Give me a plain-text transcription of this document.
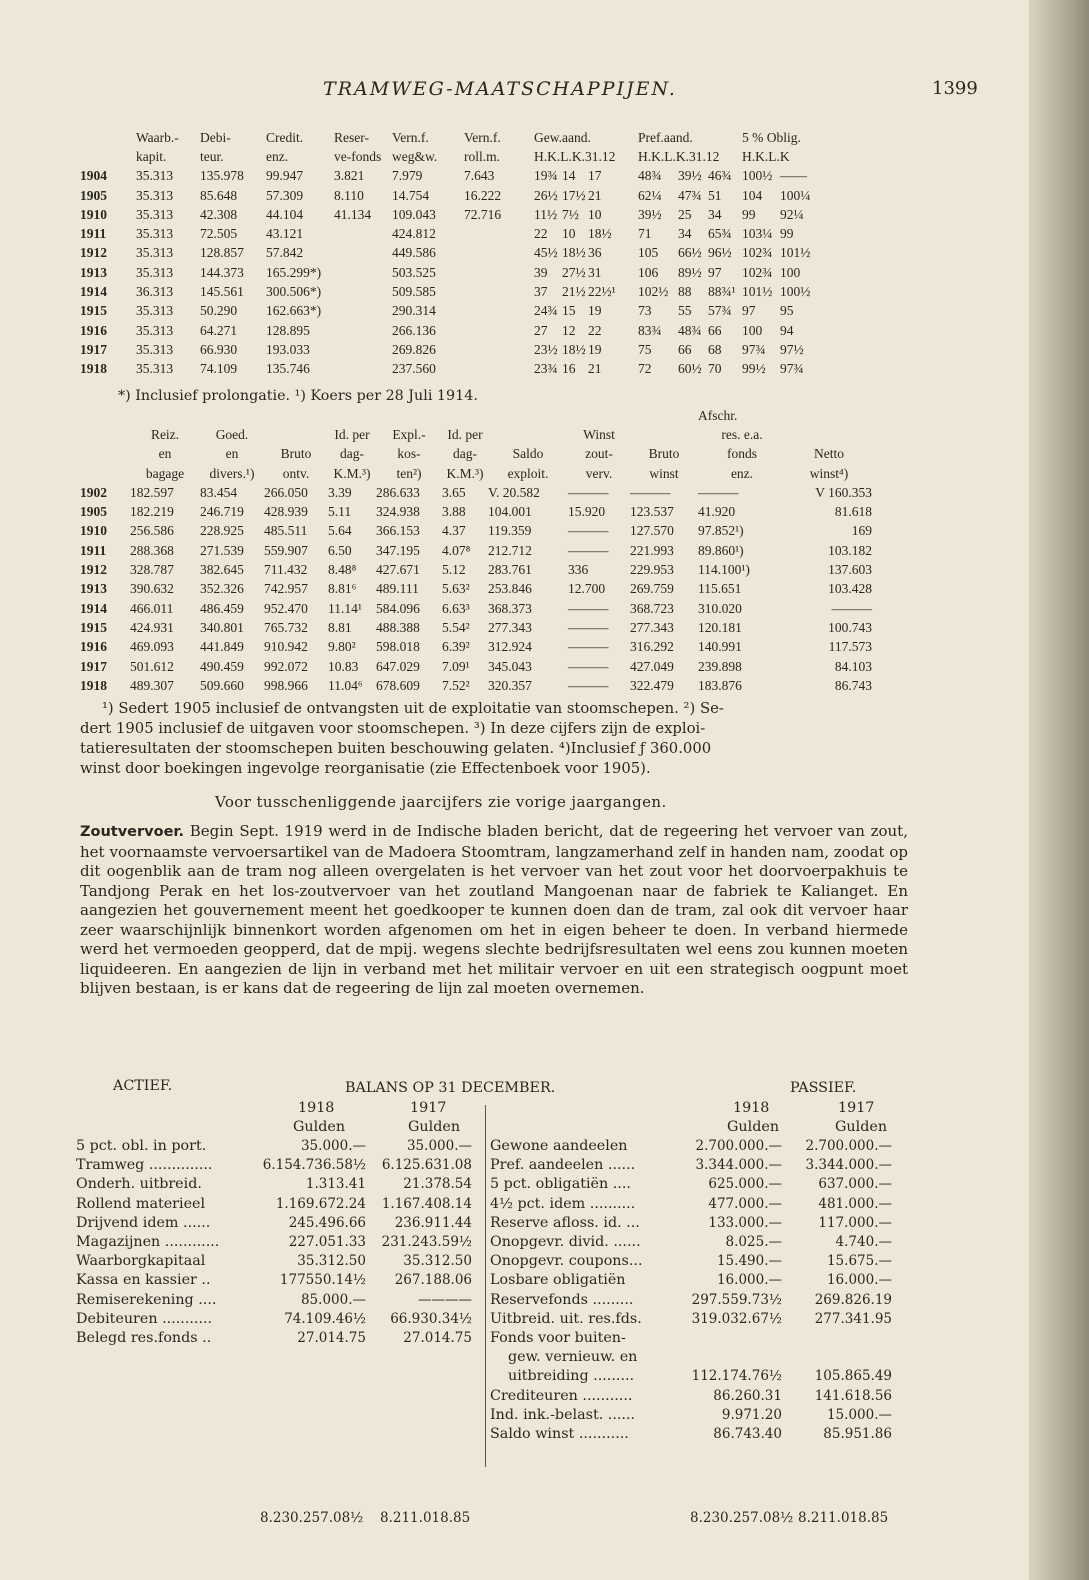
TRAMWEG-MAATSCHAPPIJEN.	1399
	Waarb.-	Debi-	Credit.	Reser-	Vern.f.	Vern.f.	Gew.aand.			Pref.aand.			5 % Oblig.	
	kapit.	teur.	enz.	ve-fonds	weg&w.	roll.m.	H.K.L.K.31.12			H.K.L.K.31.12			H.K.L.K	
1904	35.313	135.978	99.947	3.821	7.979	7.643	19¾	14	17	48¾	39½	46¾	100½	——
1905	35.313	85.648	57.309	8.110	14.754	16.222	26½	17½	21	62¼	47¾	51	104	100¼
1910	35.313	42.308	44.104	41.134	109.043	72.716	11½	7½	10	39½	25	34	99	92¼
1911	35.313	72.505	43.121		424.812		22	10	18½	71	34	65¾	103¼	99
1912	35.313	128.857	57.842		449.586		45½	18½	36	105	66½	96½	102¾	101½
1913	35.313	144.373	165.299*)		503.525		39	27½	31	106	89½	97	102¾	100
1914	36.313	145.561	300.506*)		509.585		37	21½	22½¹	102½	88	88¾¹	101½	100½
1915	35.313	50.290	162.663*)		290.314		24¾	15	19	73	55	57¾	97	95
1916	35.313	64.271	128.895		266.136		27	12	22	83¾	48¾	66	100	94
1917	35.313	66.930	193.033		269.826		23½	18½	19	75	66	68	97¾	97½
1918	35.313	74.109	135.746		237.560		23¾	16	21	72	60½	70	99½	97¾
*) Inclusief prolongatie. ¹) Koers per 28 Juli 1914.
										Afschr.	
	Reiz.	Goed.		Id. per	Expl.-	Id. per		Winst		res. e.a.	
	en	en	Bruto	dag-	kos-	dag-	Saldo	zout-	Bruto	fonds	Netto
	bagage	divers.¹)	ontv.	K.M.³)	ten²)	K.M.³)	exploit.	verv.	winst	enz.	winst⁴)
1902	182.597	83.454	266.050	3.39	286.633	3.65	V. 20.582	———	———	———	V 160.353
1905	182.219	246.719	428.939	5.11	324.938	3.88	104.001	15.920	123.537	41.920	81.618
1910	256.586	228.925	485.511	5.64	366.153	4.37	119.359	———	127.570	97.852¹)	169
1911	288.368	271.539	559.907	6.50	347.195	4.07⁸	212.712	———	221.993	89.860¹)	103.182
1912	328.787	382.645	711.432	8.48⁸	427.671	5.12	283.761	336	229.953	114.100¹)	137.603
1913	390.632	352.326	742.957	8.81⁶	489.111	5.63²	253.846	12.700	269.759	115.651	103.428
1914	466.011	486.459	952.470	11.14¹	584.096	6.63³	368.373	———	368.723	310.020	———
1915	424.931	340.801	765.732	8.81	488.388	5.54²	277.343	———	277.343	120.181	100.743
1916	469.093	441.849	910.942	9.80²	598.018	6.39²	312.924	———	316.292	140.991	117.573
1917	501.612	490.459	992.072	10.83	647.029	7.09¹	345.043	———	427.049	239.898	84.103
1918	489.307	509.660	998.966	11.04⁶	678.609	7.52²	320.357	———	322.479	183.876	86.743
¹) Sedert 1905 inclusief de ontvangsten uit de exploitatie van stoomschepen. ²) Se-
dert 1905 inclusief de uitgaven voor stoomschepen. ³) In deze cijfers zijn de exploi-
tatieresultaten der stoomschepen buiten beschouwing gelaten. ⁴)Inclusief ƒ 360.000
winst door boekingen ingevolge reorganisatie (zie Effectenboek voor 1905).
Voor tusschenliggende jaarcijfers zie vorige jaargangen.
Zoutvervoer. Begin Sept. 1919 werd in de Indische bladen bericht, dat de regeering het vervoer van zout, het voornaamste vervoersartikel van de Madoera Stoomtram, langzamerhand zelf in handen nam, zoodat op dit oogenblik aan de tram nog alleen overgelaten is het vervoer van het zout voor het doorvoerpakhuis te Tandjong Perak en het los-zoutvervoer van het zoutland Mangoenan naar de fabriek te Kalianget. En aangezien het gouvernement meent het goedkooper te kunnen doen dan de tram, zal ook dit vervoer haar zeer waarschijnlijk binnenkort worden afgenomen om het in eigen beheer te doen. In verband hiermede werd het vermoeden geopperd, dat de mpij. wegens slechte bedrijfsresultaten wel eens zou kunnen moeten liquideeren. En aangezien de lijn in verband met het militair vervoer en uit een strategisch oogpunt moet blijven bestaan, is er kans dat de regeering de lijn zal moeten overnemen.
ACTIEF.	BALANS OP 31 DECEMBER.	PASSIEF.
1918	1917
Gulden	Gulden
1918	1917
Gulden	Gulden
5 pct. obl. in port.	35.000.—	35.000.—
Tramweg ..............	6.154.736.58½ 6.125.631.08
Onderh. uitbreid.	1.313.41	21.378.54
Rollend materieel	1.169.672.24 1.167.408.14
Drijvend idem ......	245.496.66 236.911.44
Magazijnen ............	227.051.33 231.243.59½
Waarborgkapitaal	35.312.50	35.312.50
Kassa en kassier ..	177550.14½ 267.188.06
Remiserekening ....	85.000.—	————
Debiteuren ...........	74.109.46½ 66.930.34½
Belegd res.fonds ..	27.014.75	27.014.75
Gewone aandeelen	2.700.000.— 2.700.000.—
Pref. aandeelen ......	3.344.000.— 3.344.000.—
5 pct. obligatiën ....	625.000.—	637.000.—
4½ pct. idem ..........	477.000.—	481.000.—
Reserve afloss. id. ...	133.000.—	117.000.—
Onopgevr. divid. ......	8.025.—	4.740.—
Onopgevr. coupons...	15.490.—	15.675.—
Losbare obligatiën	16.000.—	16.000.—
Reservefonds .........	297.559.73½ 269.826.19
Uitbreid. uit. res.fds.	319.032.67½ 277.341.95
Fonds voor buiten-
gew. vernieuw. en
uitbreiding .........	112.174.76½ 105.865.49
Crediteuren ...........	86.260.31 141.618.56
Ind. ink.-belast. ......	9.971.20	15.000.—
Saldo winst ...........	86.743.40	85.951.86
8.230.257.08½ 8.211.018.85	8.230.257.08½ 8.211.018.85
